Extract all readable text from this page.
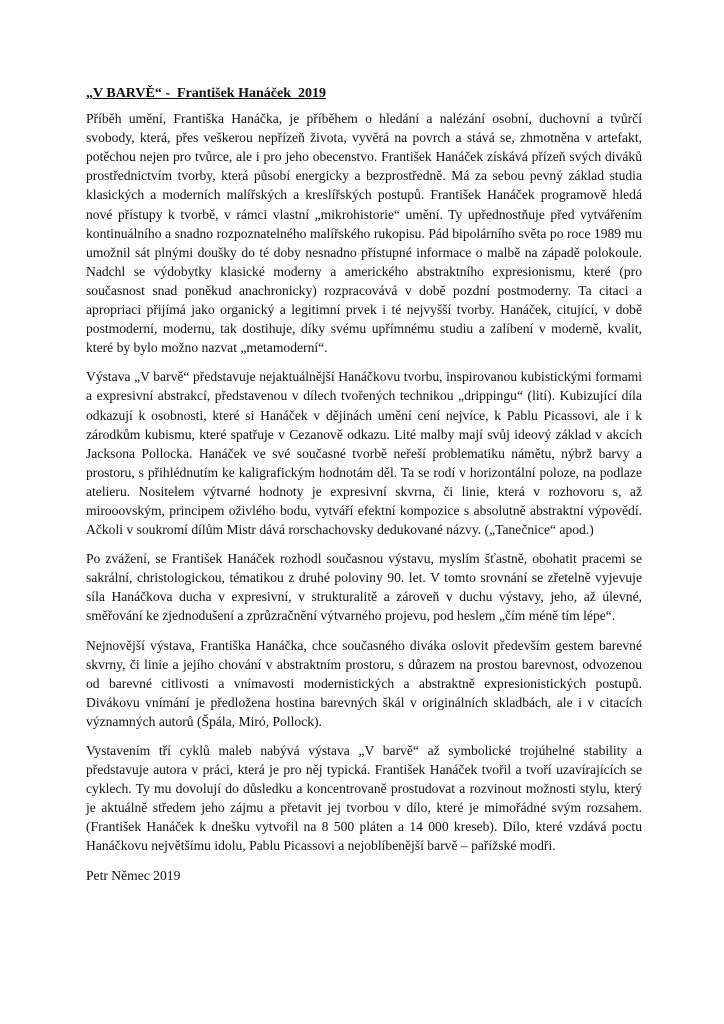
„V BARVĚ“ -  František Hanáček  2019

Příběh umění, Františka Hanáčka, je příběhem o hledání a nalézání osobní, duchovní a tvůrčí svobody, která, přes veškerou nepřízeň života, vyvěrá na povrch a stává se, zhmotněna v artefakt, potěchou nejen pro tvůrce, ale i pro jeho obecenstvo. František Hanáček získává přízeň svých diváků prostřednictvím tvorby, která působí energicky a bezprostředně. Má za sebou pevný základ studia klasických a moderních malířských a kreslířských postupů. František Hanáček programově hledá nové přístupy k tvorbě, v rámci vlastní „mikrohistorie“ umění. Ty upřednostňuje před vytvářením kontinuálního a snadno rozpoznatelného malířského rukopisu. Pád bipolárního světa po roce 1989 mu umožnil sát plnými doušky do té doby nesnadno přístupné informace o malbě na západě polokoule. Nadchl se výdobytky klasické moderny a amerického abstraktního expresionismu, které (pro současnost snad poněkud anachronicky) rozpracovává v době pozdní postmoderny. Ta citaci a apropriaci přijímá jako organický a legitimní prvek i té nejvyšší tvorby. Hanáček, citující, v době postmoderní, modernu, tak dostihuje, díky svému upřímnému studiu a zalíbení v moderně, kvalit, které by bylo možno nazvat „metamoderní“.

Výstava „V barvě“ představuje nejaktuálnější Hanáčkovu tvorbu, inspirovanou kubistickými formami a expresivní abstrakcí, představenou v dílech tvořených technikou „drippingu“ (lití). Kubizující díla odkazují k osobnosti, které si Hanáček v dějinách umění cení nejvíce, k Pablu Picassovi, ale i k zárodkům kubismu, které spatřuje v Cezanově odkazu. Lité malby mají svůj ideový základ v akcích Jacksona Pollocka. Hanáček ve své současné tvorbě neřeší problematiku námětu, nýbrž barvy a prostoru, s přihlédnutím ke kaligrafickým hodnotám děl. Ta se rodí v horizontální poloze, na podlaze atelieru. Nositelem výtvarné hodnoty je expresivní skvrna, či linie, která v rozhovoru s, až mirooovským, principem oživlého bodu, vytváří efektní kompozice s absolutně abstraktní výpovědí. Ačkoli v soukromí dílům Mistr dává rorschachovsky dedukované názvy. („Tanečnice“ apod.)

Po zvážení, se František Hanáček rozhodl současnou výstavu, myslím šťastně, obohatit pracemi se sakrální, christologickou, tématikou z druhé poloviny 90. let. V tomto srovnání se zřetelně vyjevuje síla Hanáčkova ducha v expresivní, v strukturalitě a zároveň v duchu výstavy, jeho, až úlevné, směřování ke zjednodušení a zprůzračnění výtvarného projevu, pod heslem „čím méně tím lépe“.

Nejnovější výstava, Františka Hanáčka, chce současného diváka oslovit především gestem barevné skvrny, či linie a jejího chování v abstraktním prostoru, s důrazem na prostou barevnost, odvozenou od barevné citlivosti a vnímavosti modernistických a abstraktně expresionistických postupů. Divákovu vnímání je předložena hostina barevných škál v originálních skladbách, ale i v citacích významných autorů (Špála, Miró, Pollock).

Vystavením tří cyklů maleb nabývá výstava „V barvě“ až symbolické trojúhelné stability a představuje autora v práci, která je pro něj typická. František Hanáček tvořil a tvoří uzavírajících se cyklech. Ty mu dovolují do důsledku a koncentrovaně prostudovat a rozvinout možnosti stylu, který je aktuálně středem jeho zájmu a přetavit jej tvorbou v dílo, které je mimořádné svým rozsahem. (František Hanáček k dnešku vytvořil na 8 500 pláten a 14 000 kreseb). Dílo, které vzdává poctu Hanáčkovu největšímu idolu, Pablu Picassovi a nejoblíbenější barvě – pařížské modři.

Petr Němec 2019
